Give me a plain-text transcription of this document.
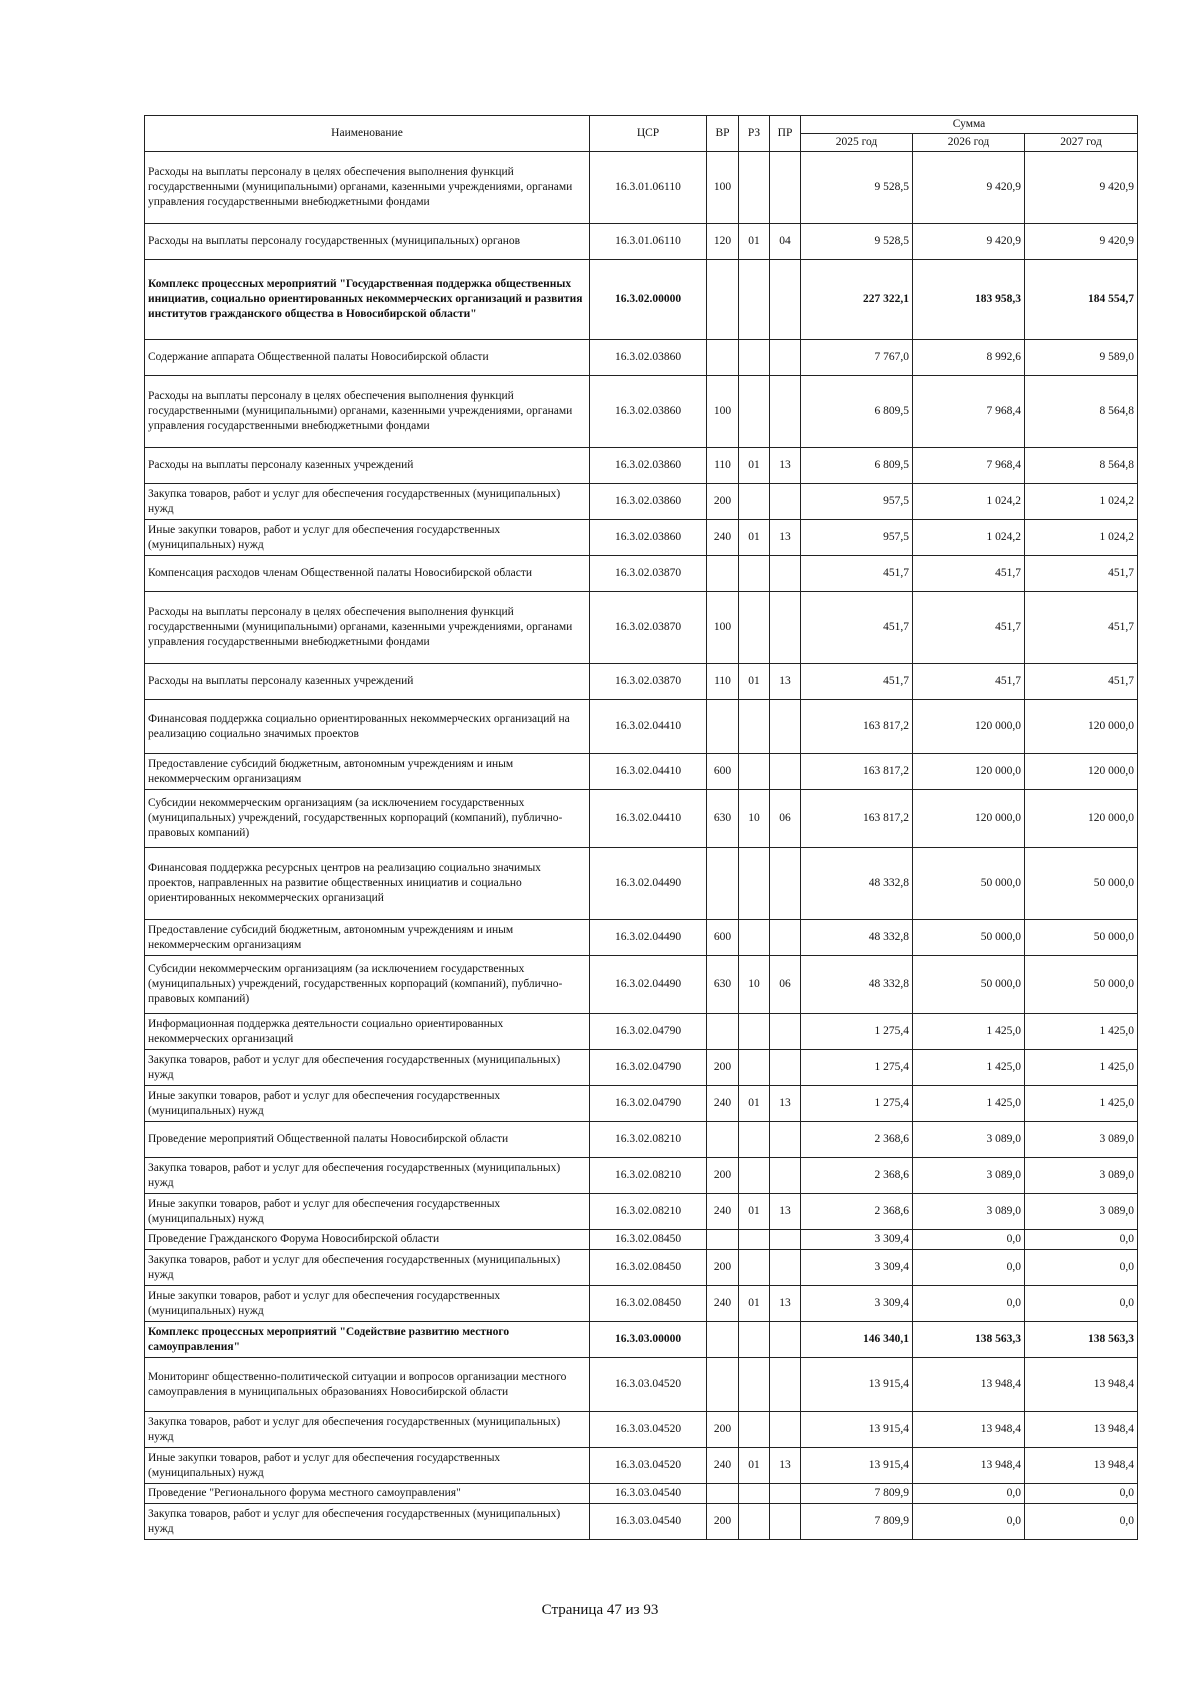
Наименование	ЦСР	ВР	РЗ	ПР	Сумма		
					2025 год	2026 год	2027 год
Расходы на выплаты персоналу в целях обеспечения выполнения функций государственными (муниципальными) органами, казенными учреждениями, органами управления государственными внебюджетными фондами	16.3.01.06110	100			9 528,5	9 420,9	9 420,9
Расходы на выплаты персоналу государственных (муниципальных) органов	16.3.01.06110	120	01	04	9 528,5	9 420,9	9 420,9
Комплекс процессных мероприятий "Государственная поддержка общественных инициатив, социально ориентированных некоммерческих организаций и развития институтов гражданского общества в Новосибирской области"	16.3.02.00000				227 322,1	183 958,3	184 554,7
Содержание аппарата Общественной палаты Новосибирской области	16.3.02.03860				7 767,0	8 992,6	9 589,0
Расходы на выплаты персоналу в целях обеспечения выполнения функций государственными (муниципальными) органами, казенными учреждениями, органами управления государственными внебюджетными фондами	16.3.02.03860	100			6 809,5	7 968,4	8 564,8
Расходы на выплаты персоналу казенных учреждений	16.3.02.03860	110	01	13	6 809,5	7 968,4	8 564,8
Закупка товаров, работ и услуг для обеспечения государственных (муниципальных) нужд	16.3.02.03860	200			957,5	1 024,2	1 024,2
Иные закупки товаров, работ и услуг для обеспечения государственных (муниципальных) нужд	16.3.02.03860	240	01	13	957,5	1 024,2	1 024,2
Компенсация расходов членам Общественной палаты Новосибирской области	16.3.02.03870				451,7	451,7	451,7
Расходы на выплаты персоналу в целях обеспечения выполнения функций государственными (муниципальными) органами, казенными учреждениями, органами управления государственными внебюджетными фондами	16.3.02.03870	100			451,7	451,7	451,7
Расходы на выплаты персоналу казенных учреждений	16.3.02.03870	110	01	13	451,7	451,7	451,7
Финансовая поддержка социально ориентированных некоммерческих организаций на реализацию социально значимых проектов	16.3.02.04410				163 817,2	120 000,0	120 000,0
Предоставление субсидий бюджетным, автономным учреждениям и иным некоммерческим организациям	16.3.02.04410	600			163 817,2	120 000,0	120 000,0
Субсидии некоммерческим организациям (за исключением государственных (муниципальных) учреждений, государственных корпораций (компаний), публично-правовых компаний)	16.3.02.04410	630	10	06	163 817,2	120 000,0	120 000,0
Финансовая поддержка ресурсных центров на реализацию социально значимых проектов, направленных на развитие общественных инициатив и социально ориентированных некоммерческих организаций	16.3.02.04490				48 332,8	50 000,0	50 000,0
Предоставление субсидий бюджетным, автономным учреждениям и иным некоммерческим организациям	16.3.02.04490	600			48 332,8	50 000,0	50 000,0
Субсидии некоммерческим организациям (за исключением государственных (муниципальных) учреждений, государственных корпораций (компаний), публично-правовых компаний)	16.3.02.04490	630	10	06	48 332,8	50 000,0	50 000,0
Информационная поддержка деятельности социально ориентированных некоммерческих организаций	16.3.02.04790				1 275,4	1 425,0	1 425,0
Закупка товаров, работ и услуг для обеспечения государственных (муниципальных) нужд	16.3.02.04790	200			1 275,4	1 425,0	1 425,0
Иные закупки товаров, работ и услуг для обеспечения государственных (муниципальных) нужд	16.3.02.04790	240	01	13	1 275,4	1 425,0	1 425,0
Проведение мероприятий Общественной палаты Новосибирской области	16.3.02.08210				2 368,6	3 089,0	3 089,0
Закупка товаров, работ и услуг для обеспечения государственных (муниципальных) нужд	16.3.02.08210	200			2 368,6	3 089,0	3 089,0
Иные закупки товаров, работ и услуг для обеспечения государственных (муниципальных) нужд	16.3.02.08210	240	01	13	2 368,6	3 089,0	3 089,0
Проведение Гражданского Форума Новосибирской области	16.3.02.08450				3 309,4	0,0	0,0
Закупка товаров, работ и услуг для обеспечения государственных (муниципальных) нужд	16.3.02.08450	200			3 309,4	0,0	0,0
Иные закупки товаров, работ и услуг для обеспечения государственных (муниципальных) нужд	16.3.02.08450	240	01	13	3 309,4	0,0	0,0
Комплекс процессных мероприятий "Содействие развитию местного самоуправления"	16.3.03.00000				146 340,1	138 563,3	138 563,3
Мониторинг общественно-политической ситуации и вопросов организации местного самоуправления в муниципальных образованиях Новосибирской области	16.3.03.04520				13 915,4	13 948,4	13 948,4
Закупка товаров, работ и услуг для обеспечения государственных (муниципальных) нужд	16.3.03.04520	200			13 915,4	13 948,4	13 948,4
Иные закупки товаров, работ и услуг для обеспечения государственных (муниципальных) нужд	16.3.03.04520	240	01	13	13 915,4	13 948,4	13 948,4
Проведение "Регионального форума местного самоуправления"	16.3.03.04540				7 809,9	0,0	0,0
Закупка товаров, работ и услуг для обеспечения государственных (муниципальных) нужд	16.3.03.04540	200			7 809,9	0,0	0,0
Страница 47 из 93
